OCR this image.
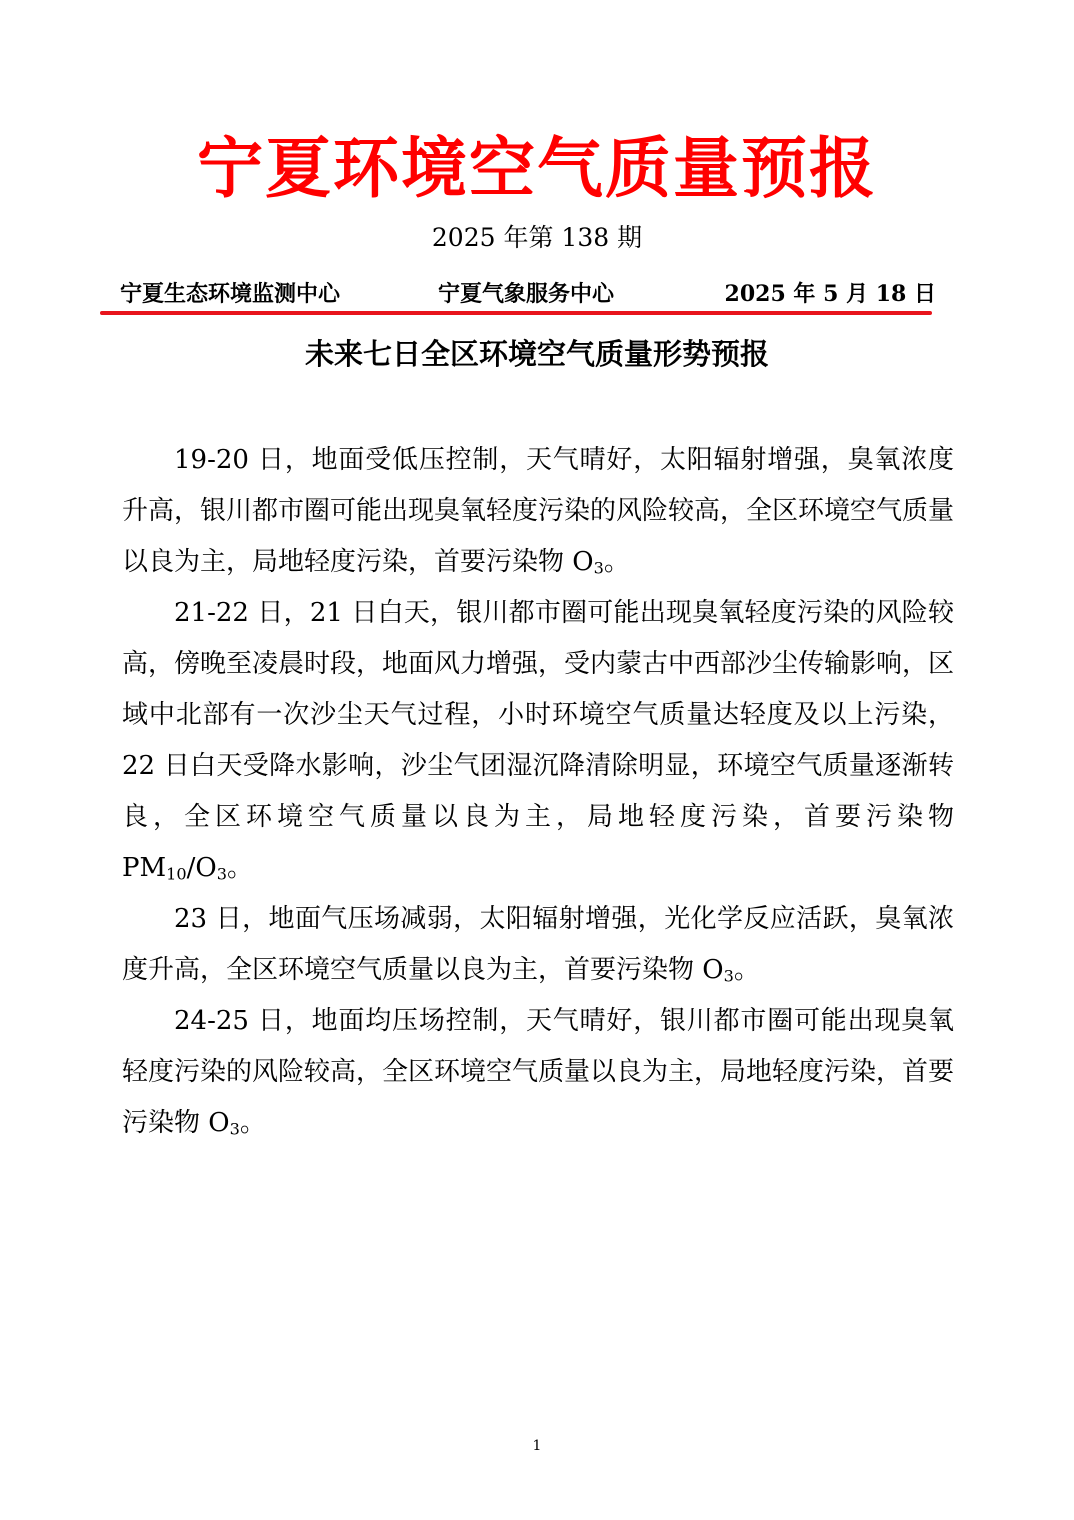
宁夏环境空气质量预报
2025 年第 138 期
宁夏生态环境监测中心	宁夏气象服务中心	2025 年 5 月 18 日
未来七日全区环境空气质量形势预报

19-20 日，地面受低压控制，天气晴好，太阳辐射增强，臭氧浓度升高，银川都市圈可能出现臭氧轻度污染的风险较高，全区环境空气质量以良为主，局地轻度污染，首要污染物 $O_3$。

21-22 日，21 日白天，银川都市圈可能出现臭氧轻度污染的风险较高，傍晚至凌晨时段，地面风力增强，受内蒙古中西部沙尘传输影响，区域中北部有一次沙尘天气过程，小时环境空气质量达轻度及以上污染，22 日白天受降水影响，沙尘气团湿沉降清除明显，环境空气质量逐渐转良，全区环境空气质量以良为主，局地轻度污染，首要污染物 $PM_{10}/O_3$。

23 日，地面气压场减弱，太阳辐射增强，光化学反应活跃，臭氧浓度升高，全区环境空气质量以良为主，首要污染物 $O_3$。

24-25 日，地面均压场控制，天气晴好，银川都市圈可能出现臭氧轻度污染的风险较高，全区环境空气质量以良为主，局地轻度污染，首要污染物 $O_3$。

1
